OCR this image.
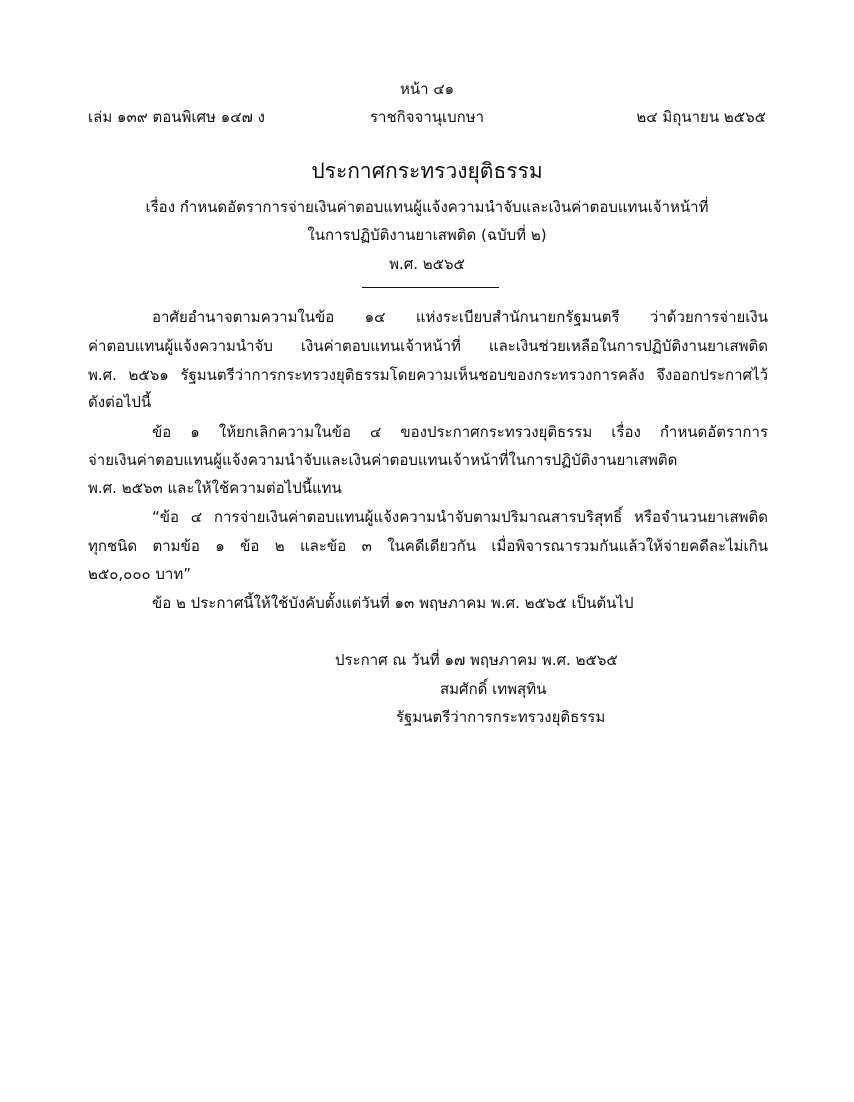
หน้า ๔๑
เล่ม ๑๓๙ ตอนพิเศษ ๑๔๗ ง	ราชกิจจานุเบกษา	๒๔ มิถุนายน ๒๕๖๕
ประกาศกระทรวงยุติธรรม
เรื่อง กำหนดอัตราการจ่ายเงินค่าตอบแทนผู้แจ้งความนำจับและเงินค่าตอบแทนเจ้าหน้าที่
ในการปฏิบัติงานยาเสพติด (ฉบับที่ ๒)
พ.ศ. ๒๕๖๕
อาศัยอำนาจตามความในข้อ ๑๔ แห่งระเบียบสำนักนายกรัฐมนตรี ว่าด้วยการจ่ายเงิน
ค่าตอบแทนผู้แจ้งความนำจับ เงินค่าตอบแทนเจ้าหน้าที่ และเงินช่วยเหลือในการปฏิบัติงานยาเสพติด
พ.ศ. ๒๕๖๑ รัฐมนตรีว่าการกระทรวงยุติธรรมโดยความเห็นชอบของกระทรวงการคลัง จึงออกประกาศไว้
ดังต่อไปนี้
ข้อ ๑ ให้ยกเลิกความในข้อ ๔ ของประกาศกระทรวงยุติธรรม เรื่อง กำหนดอัตราการ
จ่ายเงินค่าตอบแทนผู้แจ้งความนำจับและเงินค่าตอบแทนเจ้าหน้าที่ในการปฏิบัติงานยาเสพติด
พ.ศ. ๒๕๖๓ และให้ใช้ความต่อไปนี้แทน
“ข้อ ๔ การจ่ายเงินค่าตอบแทนผู้แจ้งความนำจับตามปริมาณสารบริสุทธิ์ หรือจำนวนยาเสพติด
ทุกชนิด ตามข้อ ๑ ข้อ ๒ และข้อ ๓ ในคดีเดียวกัน เมื่อพิจารณารวมกันแล้วให้จ่ายคดีละไม่เกิน
๒๕๐,๐๐๐ บาท”
ข้อ ๒ ประกาศนี้ให้ใช้บังคับตั้งแต่วันที่ ๑๓ พฤษภาคม พ.ศ. ๒๕๖๕ เป็นต้นไป
ประกาศ ณ วันที่ ๑๗ พฤษภาคม พ.ศ. ๒๕๖๕
สมศักดิ์ เทพสุทิน
รัฐมนตรีว่าการกระทรวงยุติธรรม
